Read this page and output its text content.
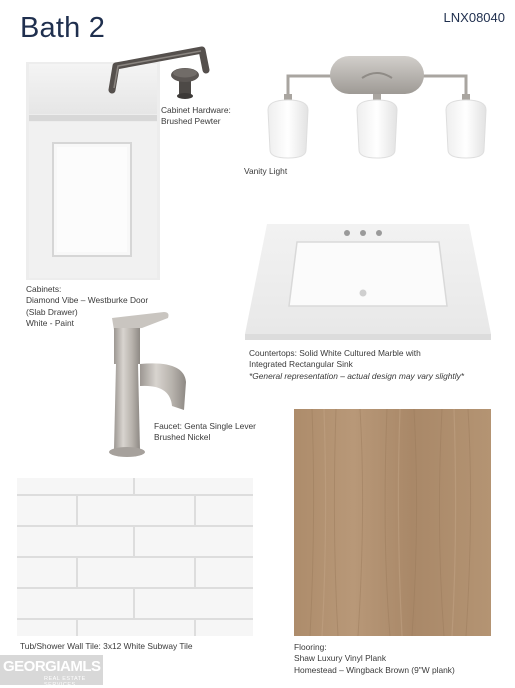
Bath 2	LNX08040
Cabinet Hardware:
Brushed Pewter
Vanity Light
Countertops: Solid White Cultured Marble with
Integrated Rectangular Sink
*General representation – actual design may vary slightly*
Cabinets:
Diamond Vibe – Westburke Door
(Slab Drawer)
White - Paint
Faucet: Genta Single Lever
Brushed Nickel
Tub/Shower Wall Tile: 3x12 White Subway Tile	Flooring:
Shaw Luxury Vinyl Plank
Homestead – Wingback Brown (9"W plank)
GEORGIAMLS
REAL ESTATE SERVICES
